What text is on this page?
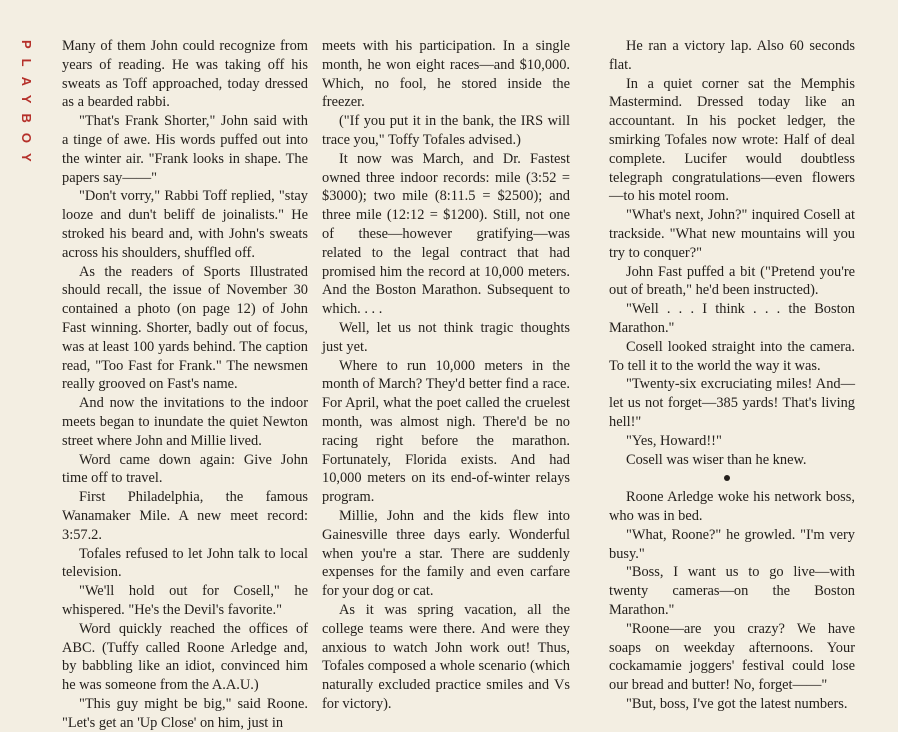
PLAYBOY Many of them John could recognize from years of reading. He was taking off his sweats as Toff approached, today dressed as a bearded rabbi.

"That's Frank Shorter," John said with a tinge of awe. His words puffed out into the winter air. "Frank looks in shape. The papers say——"

"Don't vorry," Rabbi Toff replied, "stay looze and dun't beliff de joinalists." He stroked his beard and, with John's sweats across his shoulders, shuffled off.

As the readers of Sports Illustrated should recall, the issue of November 30 contained a photo (on page 12) of John Fast winning. Shorter, badly out of focus, was at least 100 yards behind. The caption read, "Too Fast for Frank." The newsmen really grooved on Fast's name.

And now the invitations to the indoor meets began to inundate the quiet Newton street where John and Millie lived.

Word came down again: Give John time off to travel.

First Philadelphia, the famous Wanamaker Mile. A new meet record: 3:57.2.

Tofales refused to let John talk to local television.

"We'll hold out for Cosell," he whispered. "He's the Devil's favorite."

Word quickly reached the offices of ABC. (Tuffy called Roone Arledge and, by babbling like an idiot, convinced him he was someone from the A.A.U.)

"This guy might be big," said Roone. "Let's get an 'Up Close' on him, just in

meets with his participation. In a single month, he won eight races—and $10,000. Which, no fool, he stored inside the freezer.

("If you put it in the bank, the IRS will trace you," Toffy Tofales advised.)

It now was March, and Dr. Fastest owned three indoor records: mile (3:52 = $3000); two mile (8:11.5 = $2500); and three mile (12:12 = $1200). Still, not one of these—however gratifying—was related to the legal contract that had promised him the record at 10,000 meters. And the Boston Marathon. Subsequent to which. . . .

Well, let us not think tragic thoughts just yet.

Where to run 10,000 meters in the month of March? They'd better find a race. For April, what the poet called the cruelest month, was almost nigh. There'd be no racing right before the marathon. Fortunately, Florida exists. And had 10,000 meters on its end-of-winter relays program.

Millie, John and the kids flew into Gainesville three days early. Wonderful when you're a star. There are suddenly expenses for the family and even carfare for your dog or cat.

As it was spring vacation, all the college teams were there. And were they anxious to watch John work out! Thus, Tofales composed a whole scenario (which naturally excluded practice smiles and Vs for victory).

He ran a victory lap. Also 60 seconds flat.

In a quiet corner sat the Memphis Mastermind. Dressed today like an accountant. In his pocket ledger, the smirking Tofales now wrote: Half of deal complete. Lucifer would doubtless telegraph congratulations—even flowers—to his motel room.

"What's next, John?" inquired Cosell at trackside. "What new mountains will you try to conquer?"

John Fast puffed a bit ("Pretend you're out of breath," he'd been instructed).

"Well . . . I think . . . the Boston Marathon."

Cosell looked straight into the camera. To tell it to the world the way it was.

"Twenty-six excruciating miles! And—let us not forget—385 yards! That's living hell!"

"Yes, Howard!!"

Cosell was wiser than he knew.

Roone Arledge woke his network boss, who was in bed.

"What, Roone?" he growled. "I'm very busy."

"Boss, I want us to go live—with twenty cameras—on the Boston Marathon."

"Roone—are you crazy? We have soaps on weekday afternoons. Your cockamamie joggers' festival could lose our bread and butter! No, forget——"

"But, boss, I've got the latest numbers.
